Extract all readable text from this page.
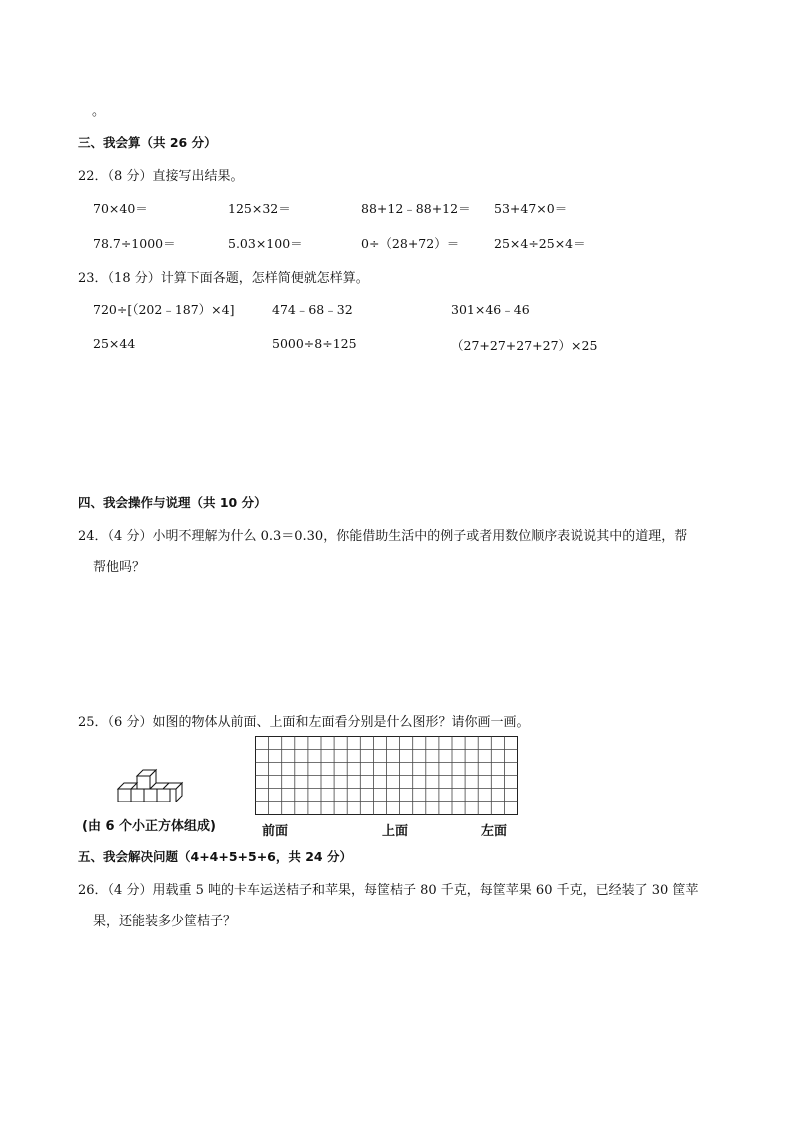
。
三、我会算（共 26 分）
22．（8 分）直接写出结果。
70×40＝	125×32＝	88+12﹣88+12＝ 53+47×0＝
78.7÷1000＝	5.03×100＝	0÷（28+72）＝	25×4÷25×4＝
23．（18 分）计算下面各题，怎样简便就怎样算。
720÷[（202﹣187）×4]	474﹣68﹣32	301×46﹣46
25×44	5000÷8÷125	（27+27+27+27）×25
四、我会操作与说理（共 10 分）
24．（4 分）小明不理解为什么 0.3＝0.30，你能借助生活中的例子或者用数位顺序表说说其中的道理，帮
帮他吗？
25．（6 分）如图的物体从前面、上面和左面看分别是什么图形？请你画一画。
(由 6 个小正方体组成)	前面	上面	左面
五、我会解决问题（4+4+5+5+6，共 24 分）
26．（4 分）用载重 5 吨的卡车运送桔子和苹果，每筐桔子 80 千克，每筐苹果 60 千克，已经装了 30 筐苹
果，还能装多少筐桔子？
